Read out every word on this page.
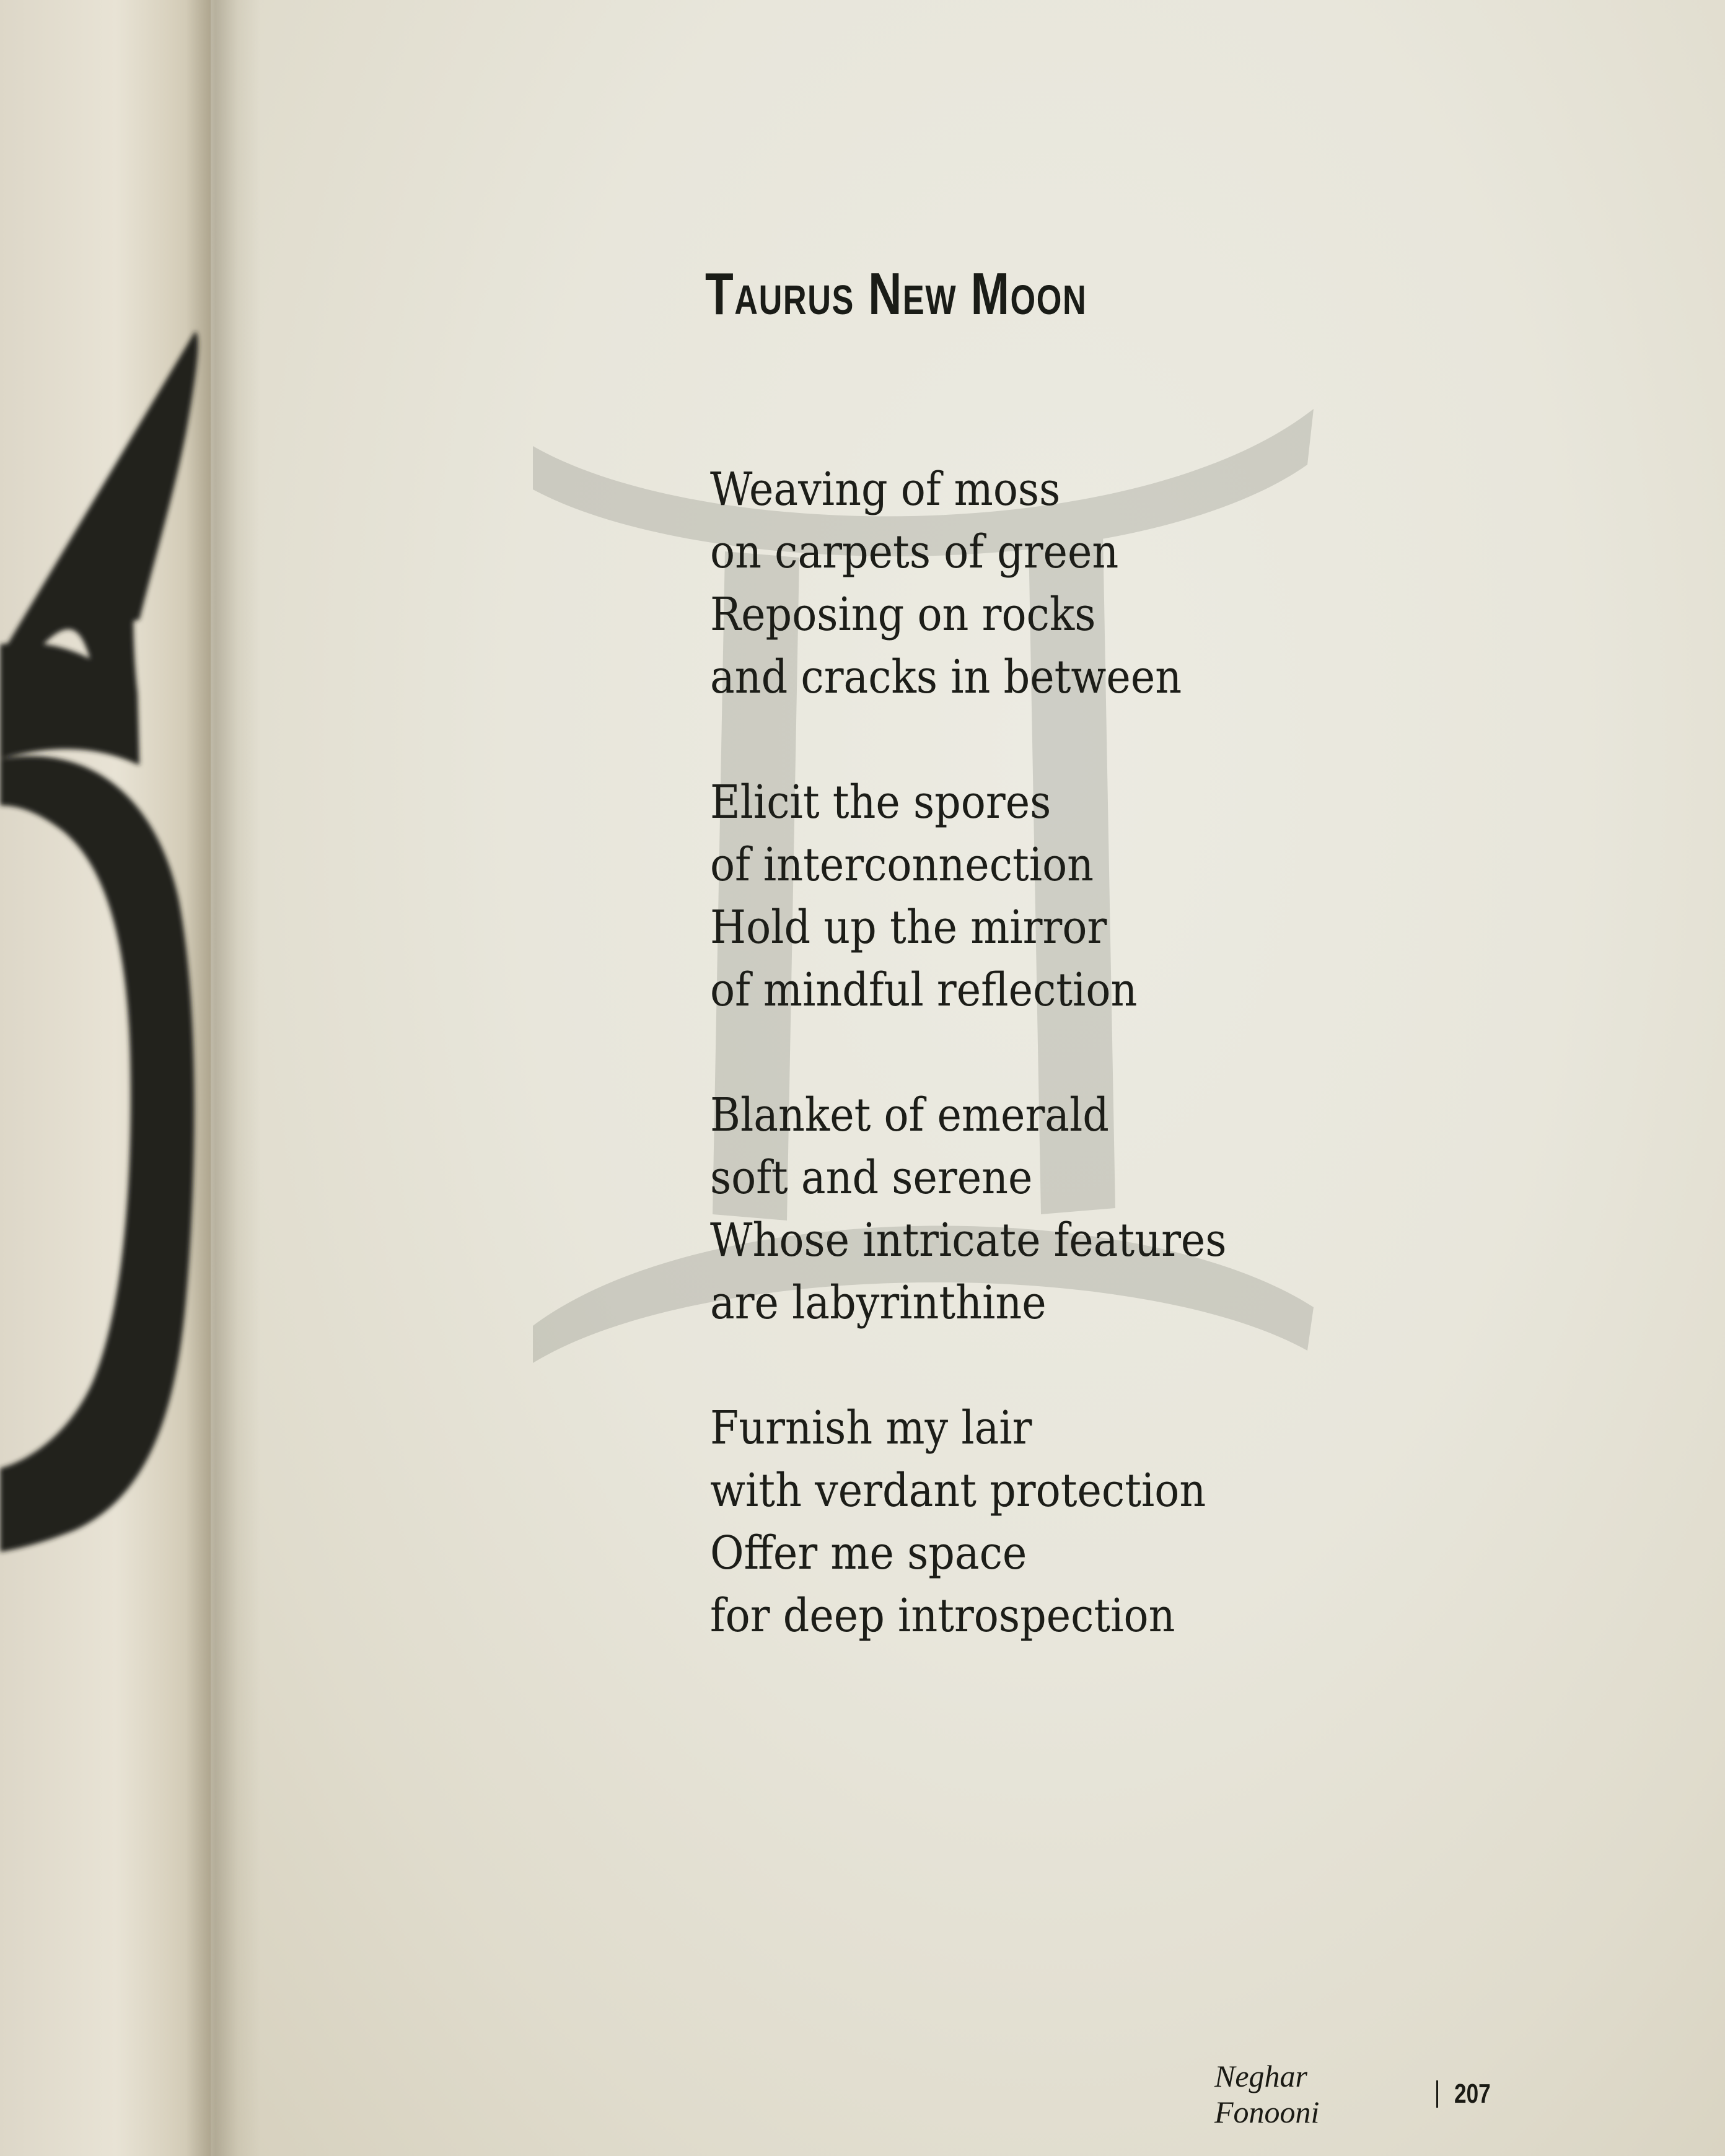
Taurus New Moon
Weaving of moss
on carpets of green
Reposing on rocks
and cracks in between
Elicit the spores
of interconnection
Hold up the mirror
of mindful reflection
Blanket of emerald
soft and serene
Whose intricate features
are labyrinthine
Furnish my lair
with verdant protection
Offer me space
for deep introspection
Neghar Fonooni
207
